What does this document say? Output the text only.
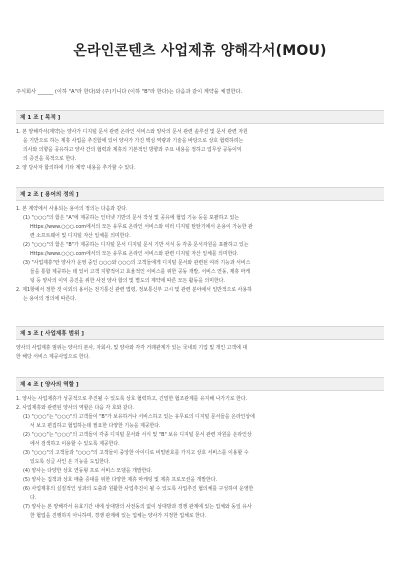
온라인콘텐츠 사업제휴 양해각서(MOU)
주식회사 ______ (이하 "A"라 한다)와 (주)기니다 (이하 "B"라 한다)는 다음과 같이 계약을 체결한다.
제 1 조 [ 목적 ]
1. 본 양해각서(계약)는 양사가 디지털 문서 관련 온라인 서비스와 양사의 문서 관련 솔루션 및 문서 관련 자원
을 기반으로 하는 제휴 사업을 추진함에 있어 양사가 가진 핵심 역량과 기술을 바탕으로 상호 협력하려는
의사와 의향을 공유하고 양사 간의 협력과 제휴의 기본적인 방향과 주요 내용을 정하고 업무상 공동이익
의 증진을 목적으로 한다.
2. 양 당사자 합의하에 기타 계약 내용을 추가할 수 있다.
제 2 조 [ 용어의 정의 ]
1. 본 계약에서 사용되는 용어의 정의는 다음과 같다.
(1) "○○○"의 함은 "A"에 제공하는 인터넷 기반의 문서 작성 및 공유에 협업 기능 등을 포괄하고 있는
Https://www.○○○.com에서의 모든 유무료 온라인 서비스와 여러 디지털 탄탄기에서 운용이 가능한 관
련 소프트웨어 및 디지털 자산 일체를 의미한다.
(2) "○○○"의 함은 "B"가 제공하는 디지털 문서 디지털 문서 기반 서식 등 각종 문서자원을 포괄하고 있는
Https://www.○○○.com에서의 모든 유무료 온라인 서비스와 관련 디지털 자산 일체를 의미한다.
(3) "사업제휴"란 양사가 운영 중인 ○○○와 ○○○의 고객들에게 디지털 문서와 관련된 여러 기능과 서비스
들을 통합 제공하는 데 있어 고객 지향적이고 효율적인 서비스를 위한 공동 개발, 서비스 연동, 제휴 마케
팅 등 양사의 이익 증진을 위한 사전 양사 합의 및 별도의 계약에 따른 모든 활동을 의미한다.
2. 제1항에서 정한 것 이외의 용어는 전기통신 관련 법령, 정보통신부 고시 및 관련 분야에서 일반적으로 사용하
는 용어의 정의에 따른다.
제 3 조 [ 사업제휴 범위 ]
양사의 사업제휴 범위는 양사의 본사, 자회사, 및 양사와 각각 거래관계가 있는 국내외 기업 및 개인 고객에 대
한 해당 서비스 제공사업으로 한다.
제 4 조 [ 양사의 역할 ]
1. 양사는 사업제휴가 성공적으로 추진될 수 있도록 상호 협력하고, 긴밀한 협조관계를 유지해 나가기로 한다.
2. 사업제휴와 관련된 양사의 역할은 다음 각 호와 같다.
(1) "○○○"는 "○○○"의 고객들이 "B"가 보유하거나 서비스하고 있는 유무료의 디지털 문서들을 온라인상에
서 보고 편집하고 협업하는데 필요한 다양한 기능을 제공한다.
(2) "○○○"는 "○○○"의 고객들이 각종 디지털 문서와 서식 및 "B" 보유 디지털 문서 관련 자원을 온라인상
에서 검색하고 이용할 수 있도록 제공한다.
(3) "○○○"의 고객들과 "○○○"의 고객들이 중앙한 아이디로 비밀번호를 가지고 상호 서비스를 이용할 수
있도록 싱글 사인 온 기능을 도입한다.
(4) 양사는 다양한 상호 연동형 프로 서비스 모델을 개발한다.
(5) 양사는 집객과 상호 매출 증대를 위한 다양한 제휴 마케팅 및 제휴 프로모션을 개발한다.
(6) 사업제휴의 실질적인 성과의 도출과 원활한 사업추진이 될 수 있도록 사업추진 협의체를 구성하여 운영한
다.
(7) 양사는 본 양해각서 유효기간 내에 상대방의 사전동의 없이 상대방과 경쟁 관계에 있는 업체와 동일 유사
한 협업을 진행하지 아니하며, 경쟁 관계에 있는 업체는 양사가 지정한 업체로 한다.
